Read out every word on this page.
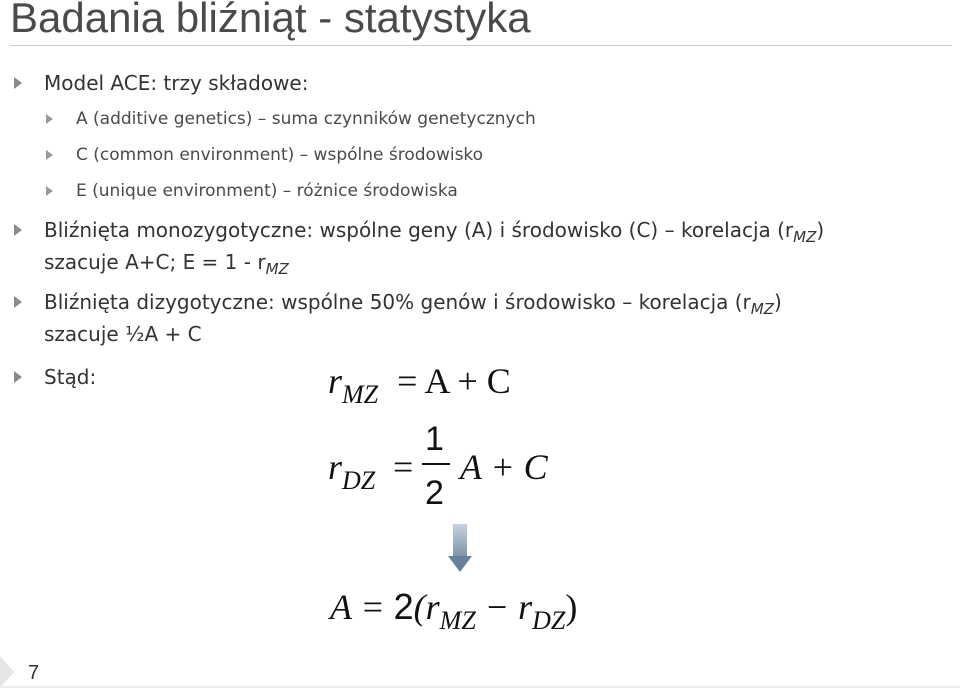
Badania bliźniąt - statystyka
Model ACE: trzy składowe:
A (additive genetics) – suma czynników genetycznych
C (common environment) – wspólne środowisko
E (unique environment) – różnice środowiska
Bliźnięta monozygotyczne: wspólne geny (A) i środowisko (C) – korelacja $(r_{MZ})$
szacuje A+C; $E = 1 - r_{MZ}$
Bliźnięta dizygotyczne: wspólne 50% genów i środowisko – korelacja $(r_{MZ})$
szacuje ½A + C
Stąd:	$r_{MZ} = A + C$
$r_{DZ}$ =
1
2
A + C
$A = 2(r_{MZ} - r_{DZ})$
7
